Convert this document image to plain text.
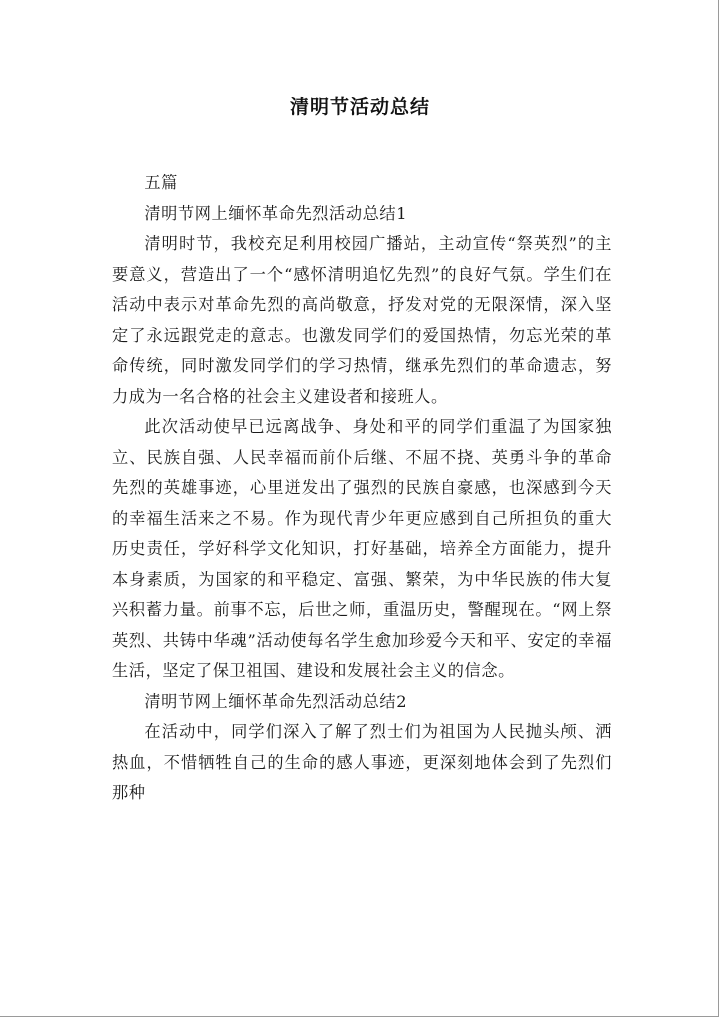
清明节活动总结

五篇

清明节网上缅怀革命先烈活动总结1

清明时节，我校充足利用校园广播站，主动宣传“祭英烈”的主要意义，营造出了一个“感怀清明追忆先烈”的良好气氛。学生们在活动中表示对革命先烈的高尚敬意，抒发对党的无限深情，深入坚定了永远跟党走的意志。也激发同学们的爱国热情，勿忘光荣的革命传统，同时激发同学们的学习热情，继承先烈们的革命遗志，努力成为一名合格的社会主义建设者和接班人。

此次活动使早已远离战争、身处和平的同学们重温了为国家独立、民族自强、人民幸福而前仆后继、不屈不挠、英勇斗争的革命先烈的英雄事迹，心里迸发出了强烈的民族自豪感，也深感到今天的幸福生活来之不易。作为现代青少年更应感到自己所担负的重大历史责任，学好科学文化知识，打好基础，培养全方面能力，提升本身素质，为国家的和平稳定、富强、繁荣，为中华民族的伟大复兴积蓄力量。前事不忘，后世之师，重温历史，警醒现在。“网上祭英烈、共铸中华魂”活动使每名学生愈加珍爱今天和平、安定的幸福生活，坚定了保卫祖国、建设和发展社会主义的信念。

清明节网上缅怀革命先烈活动总结2

在活动中，同学们深入了解了烈士们为祖国为人民抛头颅、洒热血，不惜牺牲自己的生命的感人事迹，更深刻地体会到了先烈们那种
